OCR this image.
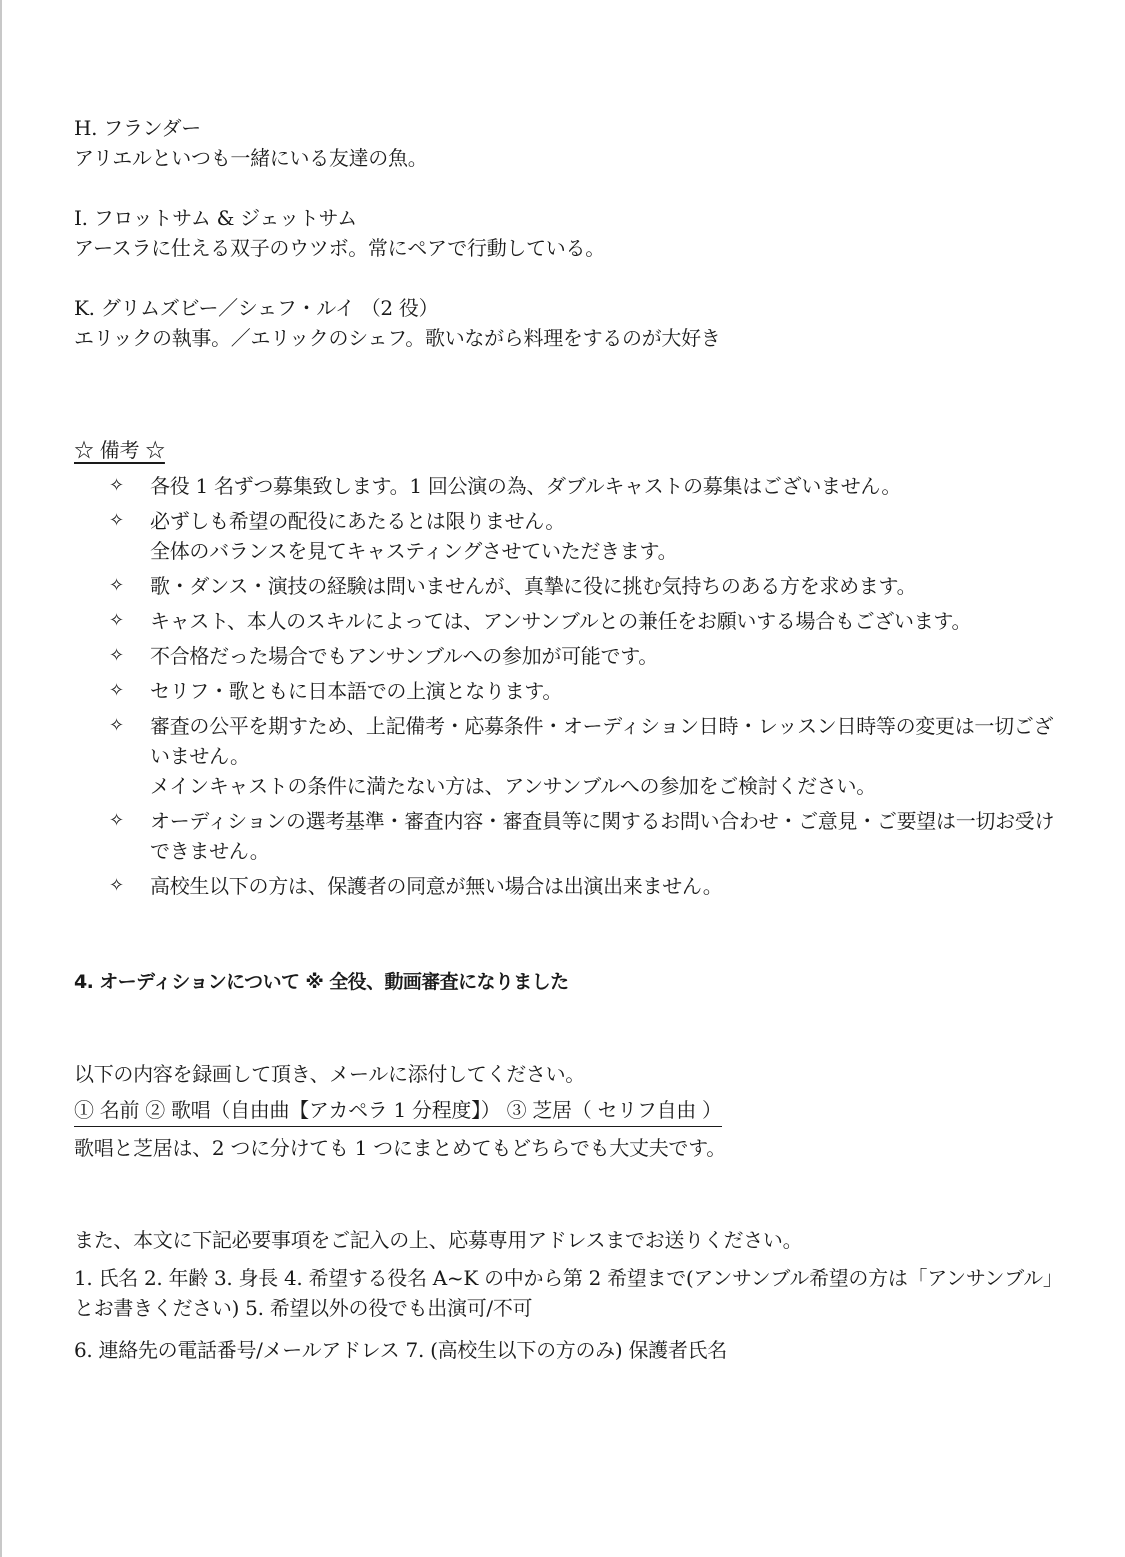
H. フランダー
アリエルといつも一緒にいる友達の魚。
I. フロットサム & ジェットサム
アースラに仕える双子のウツボ。常にペアで行動している。
K. グリムズビー／シェフ・ルイ （2 役）
エリックの執事。／エリックのシェフ。歌いながら料理をするのが大好き
☆ 備考 ☆
✧ 各役 1 名ずつ募集致します。1 回公演の為、ダブルキャストの募集はございません。
✧ 必ずしも希望の配役にあたるとは限りません。
全体のバランスを見てキャスティングさせていただきます。
✧ 歌・ダンス・演技の経験は問いませんが、真摯に役に挑む気持ちのある方を求めます。
✧ キャスト、本人のスキルによっては、アンサンブルとの兼任をお願いする場合もございます。
✧ 不合格だった場合でもアンサンブルへの参加が可能です。
✧ セリフ・歌ともに日本語での上演となります。
✧ 審査の公平を期すため、上記備考・応募条件・オーディション日時・レッスン日時等の変更は一切ございません。
メインキャストの条件に満たない方は、アンサンブルへの参加をご検討ください。
✧ オーディションの選考基準・審査内容・審査員等に関するお問い合わせ・ご意見・ご要望は一切お受けできません。
✧ 高校生以下の方は、保護者の同意が無い場合は出演出来ません。
4. オーディションについて ※ 全役、動画審査になりました
以下の内容を録画して頂き、メールに添付してください。
① 名前 ② 歌唱（自由曲【アカペラ 1 分程度】） ③ 芝居（ セリフ自由 ）
歌唱と芝居は、2 つに分けても 1 つにまとめてもどちらでも大丈夫です。
また、本文に下記必要事項をご記入の上、応募専用アドレスまでお送りください。
1. 氏名 2. 年齢 3. 身長 4. 希望する役名 A~K の中から第 2 希望まで(アンサンブル希望の方は「アンサンブル」とお書きください) 5. 希望以外の役でも出演可/不可
6. 連絡先の電話番号/メールアドレス 7. (高校生以下の方のみ) 保護者氏名
